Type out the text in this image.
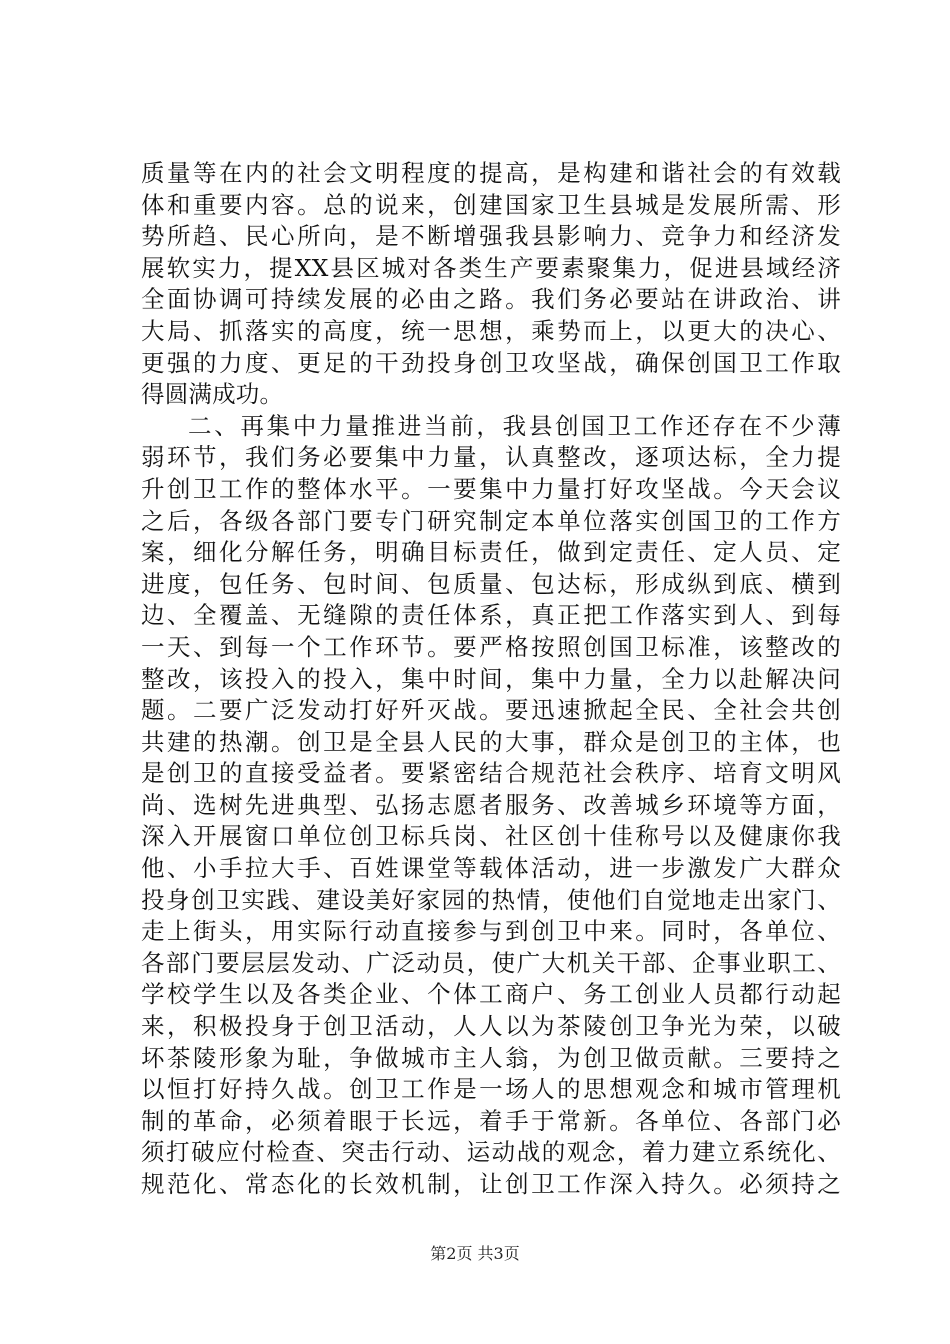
质量等在内的社会文明程度的提高，是构建和谐社会的有效载
体和重要内容。总的说来，创建国家卫生县城是发展所需、形
势所趋、民心所向，是不断增强我县影响力、竞争力和经济发
展软实力，提XX县区城对各类生产要素聚集力，促进县域经济
全面协调可持续发展的必由之路。我们务必要站在讲政治、讲
大局、抓落实的高度，统一思想，乘势而上，以更大的决心、
更强的力度、更足的干劲投身创卫攻坚战，确保创国卫工作取
得圆满成功。
二、再集中力量推进当前，我县创国卫工作还存在不少薄
弱环节，我们务必要集中力量，认真整改，逐项达标，全力提
升创卫工作的整体水平。一要集中力量打好攻坚战。今天会议
之后，各级各部门要专门研究制定本单位落实创国卫的工作方
案，细化分解任务，明确目标责任，做到定责任、定人员、定
进度，包任务、包时间、包质量、包达标，形成纵到底、横到
边、全覆盖、无缝隙的责任体系，真正把工作落实到人、到每
一天、到每一个工作环节。要严格按照创国卫标准，该整改的
整改，该投入的投入，集中时间，集中力量，全力以赴解决问
题。二要广泛发动打好歼灭战。要迅速掀起全民、全社会共创
共建的热潮。创卫是全县人民的大事，群众是创卫的主体，也
是创卫的直接受益者。要紧密结合规范社会秩序、培育文明风
尚、选树先进典型、弘扬志愿者服务、改善城乡环境等方面，
深入开展窗口单位创卫标兵岗、社区创十佳称号以及健康你我
他、小手拉大手、百姓课堂等载体活动，进一步激发广大群众
投身创卫实践、建设美好家园的热情，使他们自觉地走出家门、
走上街头，用实际行动直接参与到创卫中来。同时，各单位、
各部门要层层发动、广泛动员，使广大机关干部、企事业职工、
学校学生以及各类企业、个体工商户、务工创业人员都行动起
来，积极投身于创卫活动，人人以为茶陵创卫争光为荣，以破
坏茶陵形象为耻，争做城市主人翁，为创卫做贡献。三要持之
以恒打好持久战。创卫工作是一场人的思想观念和城市管理机
制的革命，必须着眼于长远，着手于常新。各单位、各部门必
须打破应付检查、突击行动、运动战的观念，着力建立系统化、
规范化、常态化的长效机制，让创卫工作深入持久。必须持之
第2页 共3页
